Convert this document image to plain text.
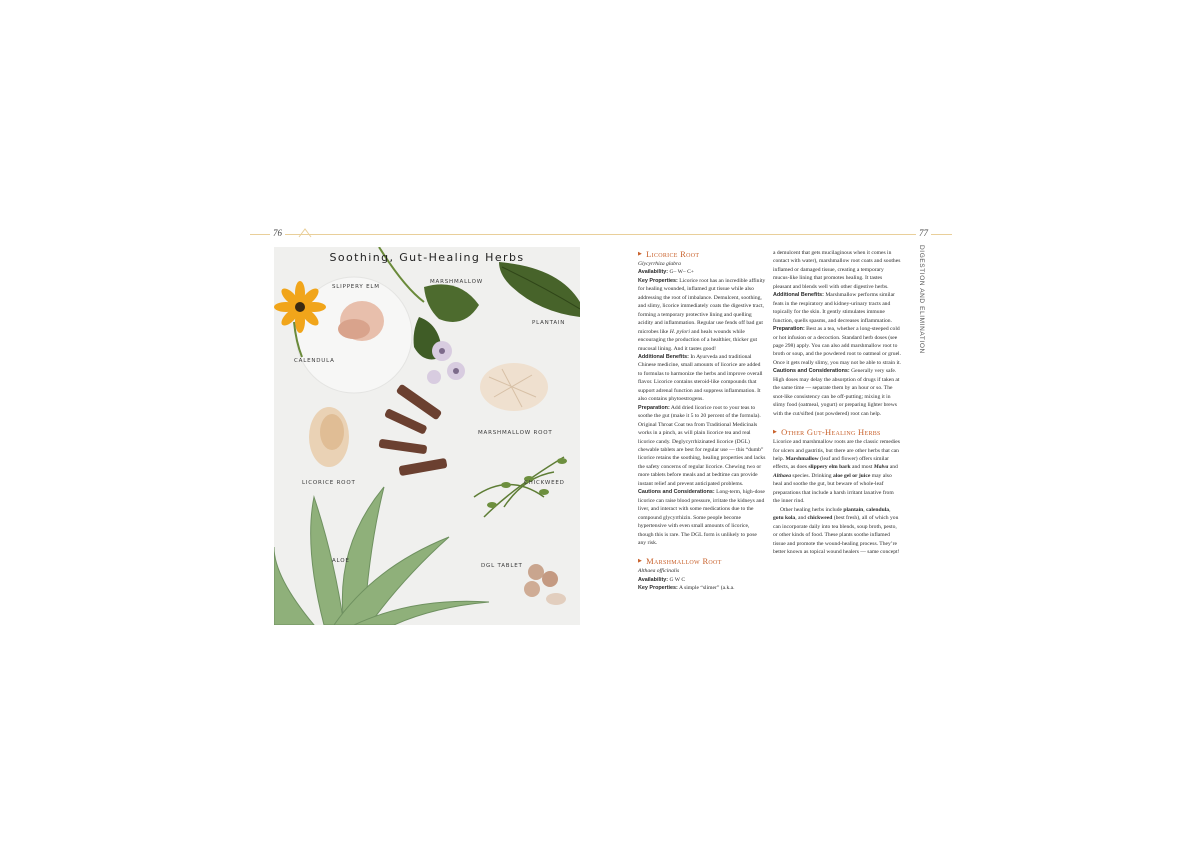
76	77
DIGESTION AND ELIMINATION
Soothing, Gut-Healing Herbs
SLIPPERY ELM
MARSHMALLOW
PLANTAIN
CALENDULA
MARSHMALLOW ROOT
LICORICE ROOT	CHICKWEED
ALOE
DGL TABLET

▶ Licorice Root

Glycyrrhiza glabra

Availability: G– W– C+

Key Properties: Licorice root has an incredible affinity for healing wounded, inflamed gut tissue while also addressing the root of imbalance. Demulcent, soothing, and slimy, licorice immediately coats the digestive tract, forming a temporary protective lining and quelling acidity and inflammation. Regular use fends off bad gut microbes like H. pylori and heals wounds while encouraging the production of a healthier, thicker gut mucosal lining. And it tastes good!

Additional Benefits: In Ayurveda and traditional Chinese medicine, small amounts of licorice are added to formulas to harmonize the herbs and improve overall flavor. Licorice contains steroid-like compounds that support adrenal function and suppress inflammation. It also contains phytoestrogens.

Preparation: Add dried licorice root to your teas to soothe the gut (make it 5 to 20 percent of the formula). Original Throat Coat tea from Traditional Medicinals works in a pinch, as will plain licorice tea and real licorice candy. Deglycyrrhizinated licorice (DGL) chewable tablets are best for regular use — this “dumb” licorice retains the soothing, healing properties and lacks the safety concerns of regular licorice. Chewing two or more tablets before meals and at bedtime can provide instant relief and prevent anticipated problems.

Cautions and Considerations: Long-term, high-dose licorice can raise blood pressure, irritate the kidneys and liver, and interact with some medications due to the compound glycyrrhizin. Some people become hypertensive with even small amounts of licorice, though this is rare. The DGL form is unlikely to pose any risk.

▶ Marshmallow Root

Althaea officinalis

Availability: G W C

Key Properties: A simple “slimer” (a.k.a.

a demulcent that gets mucilaginous when it comes in contact with water), marshmallow root coats and soothes inflamed or damaged tissue, creating a temporary mucus-like lining that promotes healing. It tastes pleasant and blends well with other digestive herbs.

Additional Benefits: Marshmallow performs similar feats in the respiratory and kidney-urinary tracts and topically for the skin. It gently stimulates immune function, quells spasms, and decreases inflammation.

Preparation: Best as a tea, whether a long-steeped cold or hot infusion or a decoction. Standard herb doses (see page 298) apply. You can also add marshmallow root to broth or soup, and the powdered root to oatmeal or gruel. Once it gets really slimy, you may not be able to strain it.

Cautions and Considerations: Generally very safe. High doses may delay the absorption of drugs if taken at the same time — separate them by an hour or so. The snot-like consistency can be off-putting; mixing it in slimy food (oatmeal, yogurt) or preparing lighter brews with the cut/sifted (not powdered) root can help.

▶ Other Gut-Healing Herbs

Licorice and marshmallow roots are the classic remedies for ulcers and gastritis, but there are other herbs that can help. Marshmallow (leaf and flower) offers similar effects, as does slippery elm bark and most Malva and Althaea species. Drinking aloe gel or juice may also heal and soothe the gut, but beware of whole-leaf preparations that include a harsh irritant laxative from the inner rind.

Other healing herbs include plantain, calendula, gotu kola, and chickweed (best fresh), all of which you can incorporate daily into tea blends, soup broth, pesto, or other kinds of food. These plants soothe inflamed tissue and promote the wound-healing process. They’re better known as topical wound healers — same concept!
